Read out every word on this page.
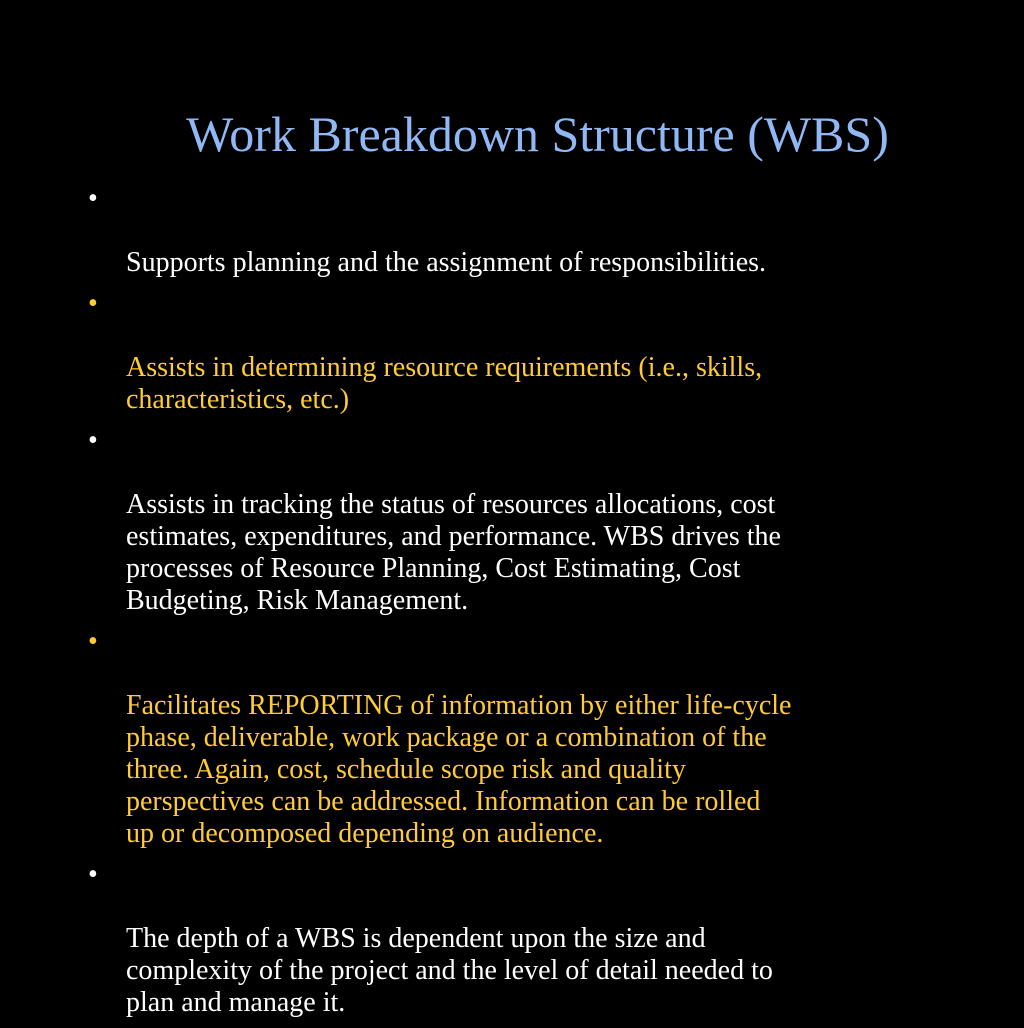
Work Breakdown Structure (WBS)

•

Supports planning and the assignment of responsibilities.

•

Assists in determining resource requirements (i.e., skills,
characteristics, etc.)

•

Assists in tracking the status of resources allocations, cost
estimates, expenditures, and performance. WBS drives the
processes of Resource Planning, Cost Estimating, Cost
Budgeting, Risk Management.

•

Facilitates REPORTING of information by either life-cycle
phase, deliverable, work package or a combination of the
three. Again, cost, schedule scope risk and quality
perspectives can be addressed. Information can be rolled
up or decomposed depending on audience.

•

The depth of a WBS is dependent upon the size and
complexity of the project and the level of detail needed to
plan and manage it.
